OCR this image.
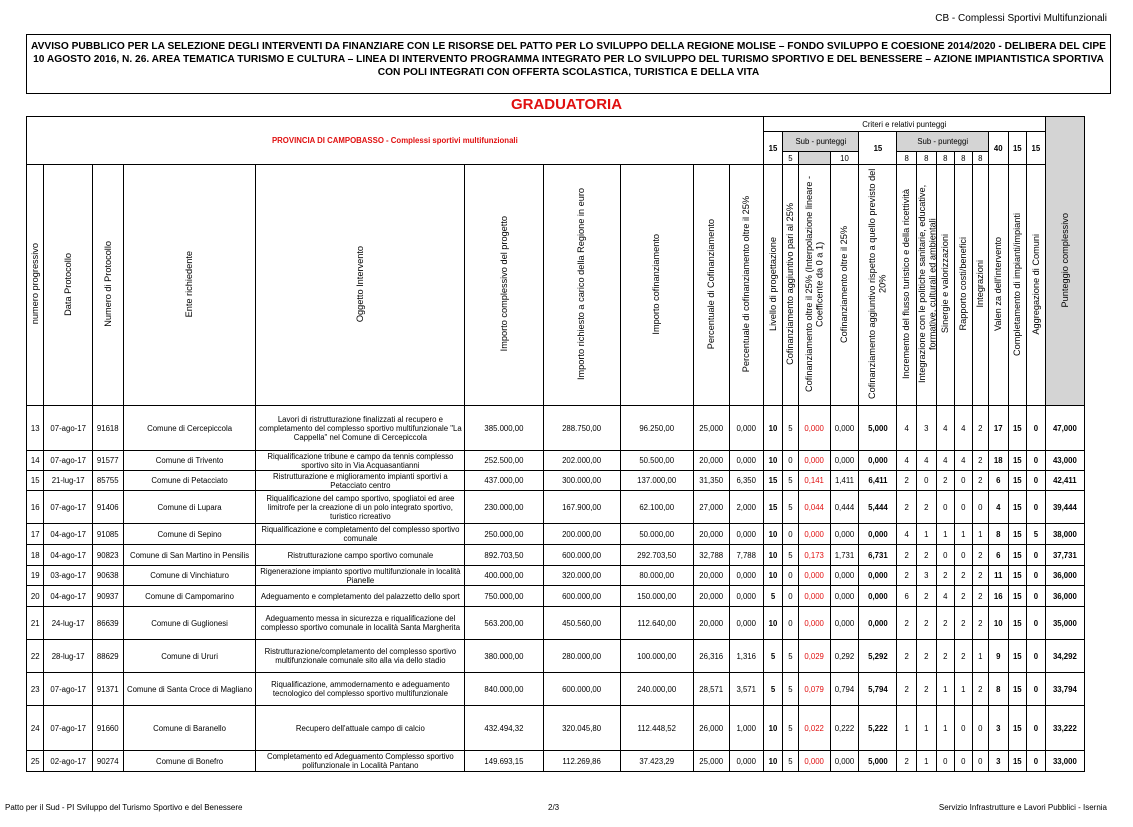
CB - Complessi Sportivi Multifunzionali
AVVISO PUBBLICO PER LA SELEZIONE DEGLI INTERVENTI DA FINANZIARE CON LE RISORSE DEL PATTO PER LO SVILUPPO DELLA REGIONE MOLISE – FONDO SVILUPPO E COESIONE 2014/2020 - DELIBERA DEL CIPE 10 AGOSTO 2016, N. 26. AREA TEMATICA TURISMO E CULTURA – LINEA DI INTERVENTO PROGRAMMA INTEGRATO PER LO SVILUPPO DEL TURISMO SPORTIVO E DEL BENESSERE – AZIONE IMPIANTISTICA SPORTIVA CON POLI INTEGRATI CON OFFERTA SCOLASTICA, TURISTICA E DELLA VITA
GRADUATORIA
PROVINCIA DI CAMPOBASSO - Complessi sportivi multifunzionali										Criteri e relativi punteggi													Punteggio complessivo
										15	Sub - punteggi			15	Sub - punteggi					40	15	15	
											5		10		8	8	8	8	8				
numero progressivo	Data Protocollo	Numero di Protocollo	Ente richiedente	Oggetto Intervento	Importo complessivo del progetto	Importo richiesto a carico della Regione in euro	Importo cofinanziamento	Percentuale di Cofinanziamento	Percentuale di cofinanziamento oltre il 25%	Livello di progettazione	Cofinanziamento aggiuntivo pari al 25%	Cofinanziamento oltre il 25% (Interpolazione lineare - Coefficente da 0 a 1)	Cofinanziamento oltre il 25%	Cofinanziamento aggiuntivo rispetto a quello previsto del 20%	Incremento del flusso turistico e della ricettività	Integrazione con le politiche sanitarie, educative, formative, culturali ed ambientali	Sinergie e valorizzazioni	Rapporto costi/benefici	Integrazioni	Valen za dell'intervento	Completamento di impianti/impianti	Aggregazione di Comuni	
13	07-ago-17	91618	Comune di Cercepiccola	Lavori di ristrutturazione finalizzati al recupero e completamento del complesso sportivo multifunzionale "La Cappella" nel Comune di Cercepiccola	385.000,00	288.750,00	96.250,00	25,000	0,000	10	5	0,000	0,000	5,000	4	3	4	4	2	17	15	0	47,000
14	07-ago-17	91577	Comune di Trivento	Riqualificazione tribune e campo da tennis complesso sportivo sito in Via Acquasantianni	252.500,00	202.000,00	50.500,00	20,000	0,000	10	0	0,000	0,000	0,000	4	4	4	4	2	18	15	0	43,000
15	21-lug-17	85755	Comune di Petacciato	Ristrutturazione e miglioramento impianti sportivi a Petacciato centro	437.000,00	300.000,00	137.000,00	31,350	6,350	15	5	0,141	1,411	6,411	2	0	2	0	2	6	15	0	42,411
16	07-ago-17	91406	Comune di Lupara	Riqualificazione del campo sportivo, spogliatoi ed aree limitrofe per la creazione di un polo integrato sportivo, turistico ricreativo	230.000,00	167.900,00	62.100,00	27,000	2,000	15	5	0,044	0,444	5,444	2	2	0	0	0	4	15	0	39,444
17	04-ago-17	91085	Comune di Sepino	Riqualificazione e completamento del complesso sportivo comunale	250.000,00	200.000,00	50.000,00	20,000	0,000	10	0	0,000	0,000	0,000	4	1	1	1	1	8	15	5	38,000
18	04-ago-17	90823	Comune di San Martino in Pensilis	Ristrutturazione campo sportivo comunale	892.703,50	600.000,00	292.703,50	32,788	7,788	10	5	0,173	1,731	6,731	2	2	0	0	2	6	15	0	37,731
19	03-ago-17	90638	Comune di Vinchiaturo	Rigenerazione impianto sportivo multifunzionale in località Pianelle	400.000,00	320.000,00	80.000,00	20,000	0,000	10	0	0,000	0,000	0,000	2	3	2	2	2	11	15	0	36,000
20	04-ago-17	90937	Comune di Campomarino	Adeguamento e completamento del palazzetto dello sport	750.000,00	600.000,00	150.000,00	20,000	0,000	5	0	0,000	0,000	0,000	6	2	4	2	2	16	15	0	36,000
21	24-lug-17	86639	Comune di Guglionesi	Adeguamento messa in sicurezza e riqualificazione del complesso sportivo comunale in località Santa Margherita	563.200,00	450.560,00	112.640,00	20,000	0,000	10	0	0,000	0,000	0,000	2	2	2	2	2	10	15	0	35,000
22	28-lug-17	88629	Comune di Ururi	Ristrutturazione/completamento del complesso sportivo multifunzionale comunale sito alla via dello stadio	380.000,00	280.000,00	100.000,00	26,316	1,316	5	5	0,029	0,292	5,292	2	2	2	2	1	9	15	0	34,292
23	07-ago-17	91371	Comune di Santa Croce di Magliano	Riqualificazione, ammodernamento e adeguamento tecnologico del complesso sportivo multifunzionale	840.000,00	600.000,00	240.000,00	28,571	3,571	5	5	0,079	0,794	5,794	2	2	1	1	2	8	15	0	33,794
24	07-ago-17	91660	Comune di Baranello	Recupero dell'attuale campo di calcio	432.494,32	320.045,80	112.448,52	26,000	1,000	10	5	0,022	0,222	5,222	1	1	1	0	0	3	15	0	33,222
25	02-ago-17	90274	Comune di Bonefro	Completamento ed Adeguamento Complesso sportivo polifunzionale in Località Pantano	149.693,15	112.269,86	37.423,29	25,000	0,000	10	5	0,000	0,000	5,000	2	1	0	0	0	3	15	0	33,000
Patto per il Sud - PI Sviluppo del Turismo Sportivo e del Benessere	2/3	Servizio Infrastrutture e Lavori Pubblici - Isernia
